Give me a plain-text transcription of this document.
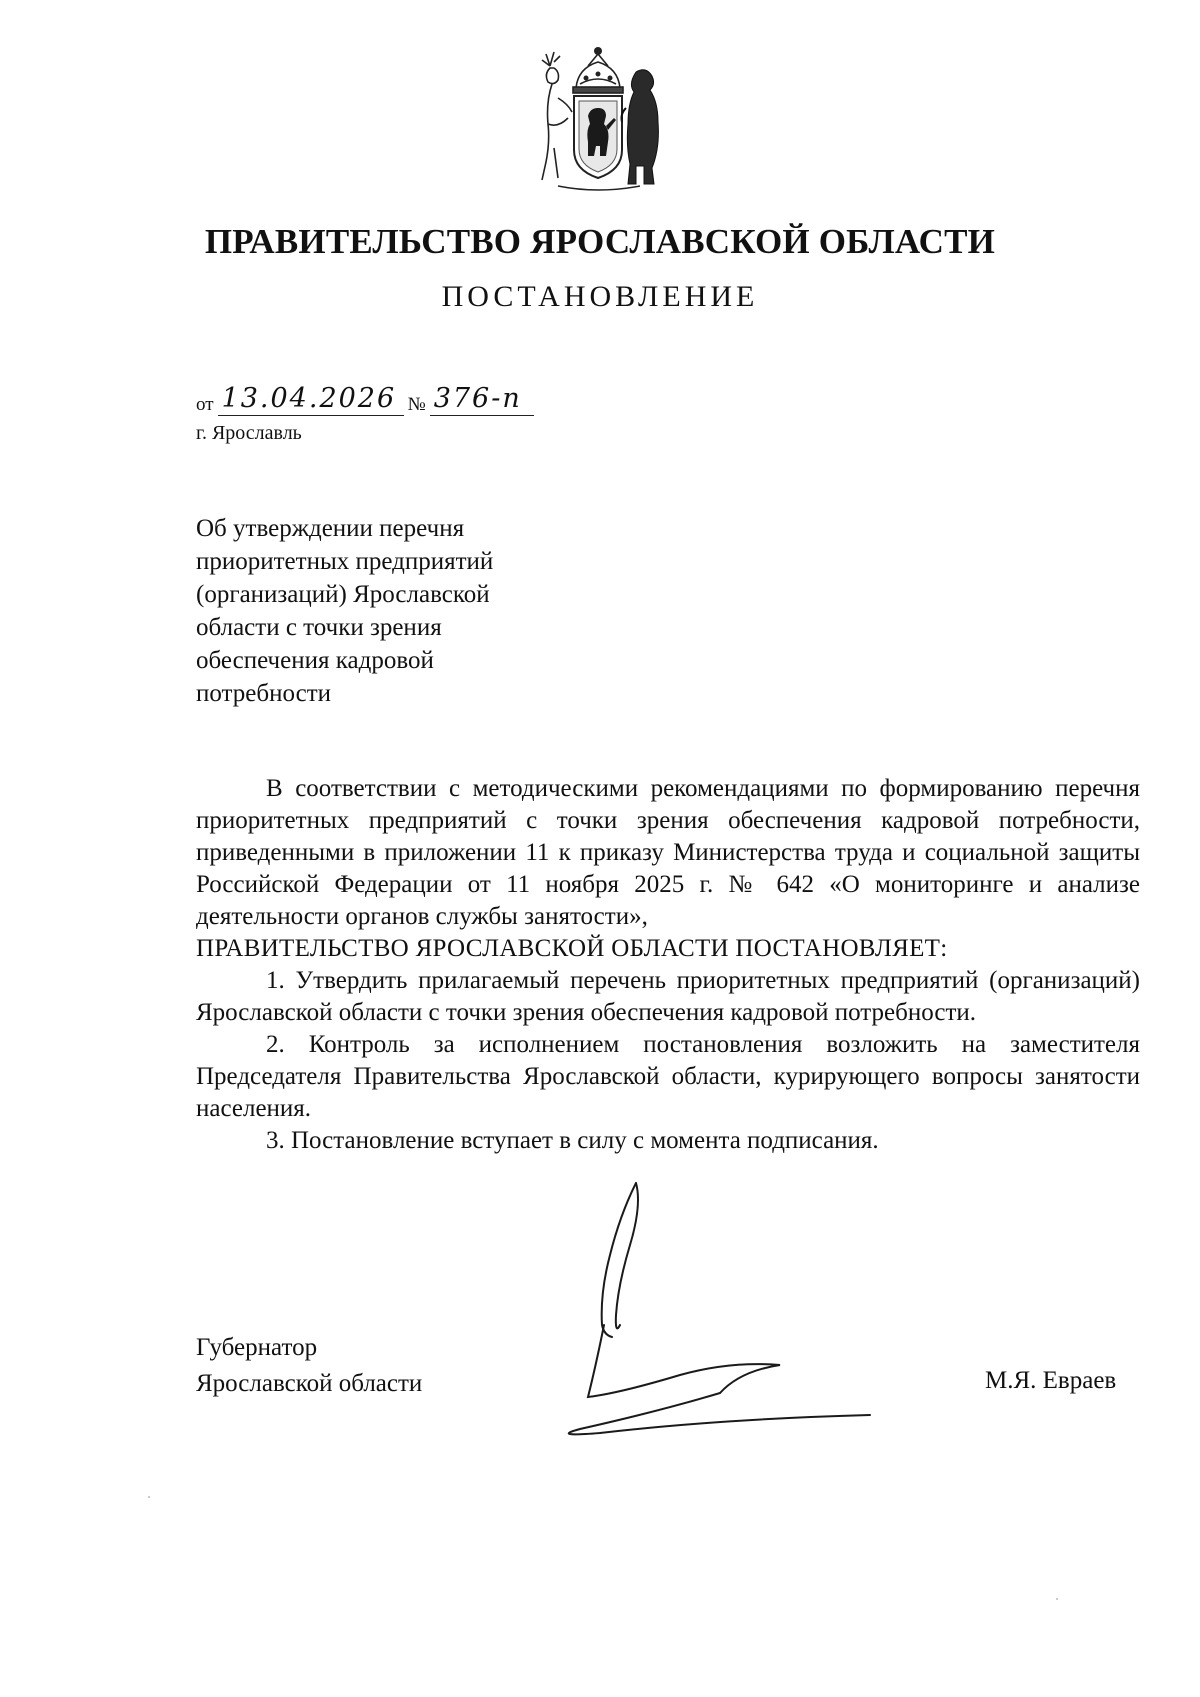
ПРАВИТЕЛЬСТВО ЯРОСЛАВСКОЙ ОБЛАСТИ
ПОСТАНОВЛЕНИЕ
от 13.04.2026 № 376-п
г. Ярославль
Об утверждении перечня
приоритетных предприятий
(организаций) Ярославской
области с точки зрения
обеспечения кадровой
потребности
В соответствии с методическими рекомендациями по формированию перечня приоритетных предприятий с точки зрения обеспечения кадровой потребности, приведенными в приложении 11 к приказу Министерства труда и социальной защиты Российской Федерации от 11 ноября 2025 г. № 642 «О мониторинге и анализе деятельности органов службы занятости»,
ПРАВИТЕЛЬСТВО ЯРОСЛАВСКОЙ ОБЛАСТИ ПОСТАНОВЛЯЕТ:
1. Утвердить прилагаемый перечень приоритетных предприятий (организаций) Ярославской области с точки зрения обеспечения кадровой потребности.
2. Контроль за исполнением постановления возложить на заместителя Председателя Правительства Ярославской области, курирующего вопросы занятости населения.
3. Постановление вступает в силу с момента подписания.
Губернатор
Ярославской области	М.Я. Евраев
